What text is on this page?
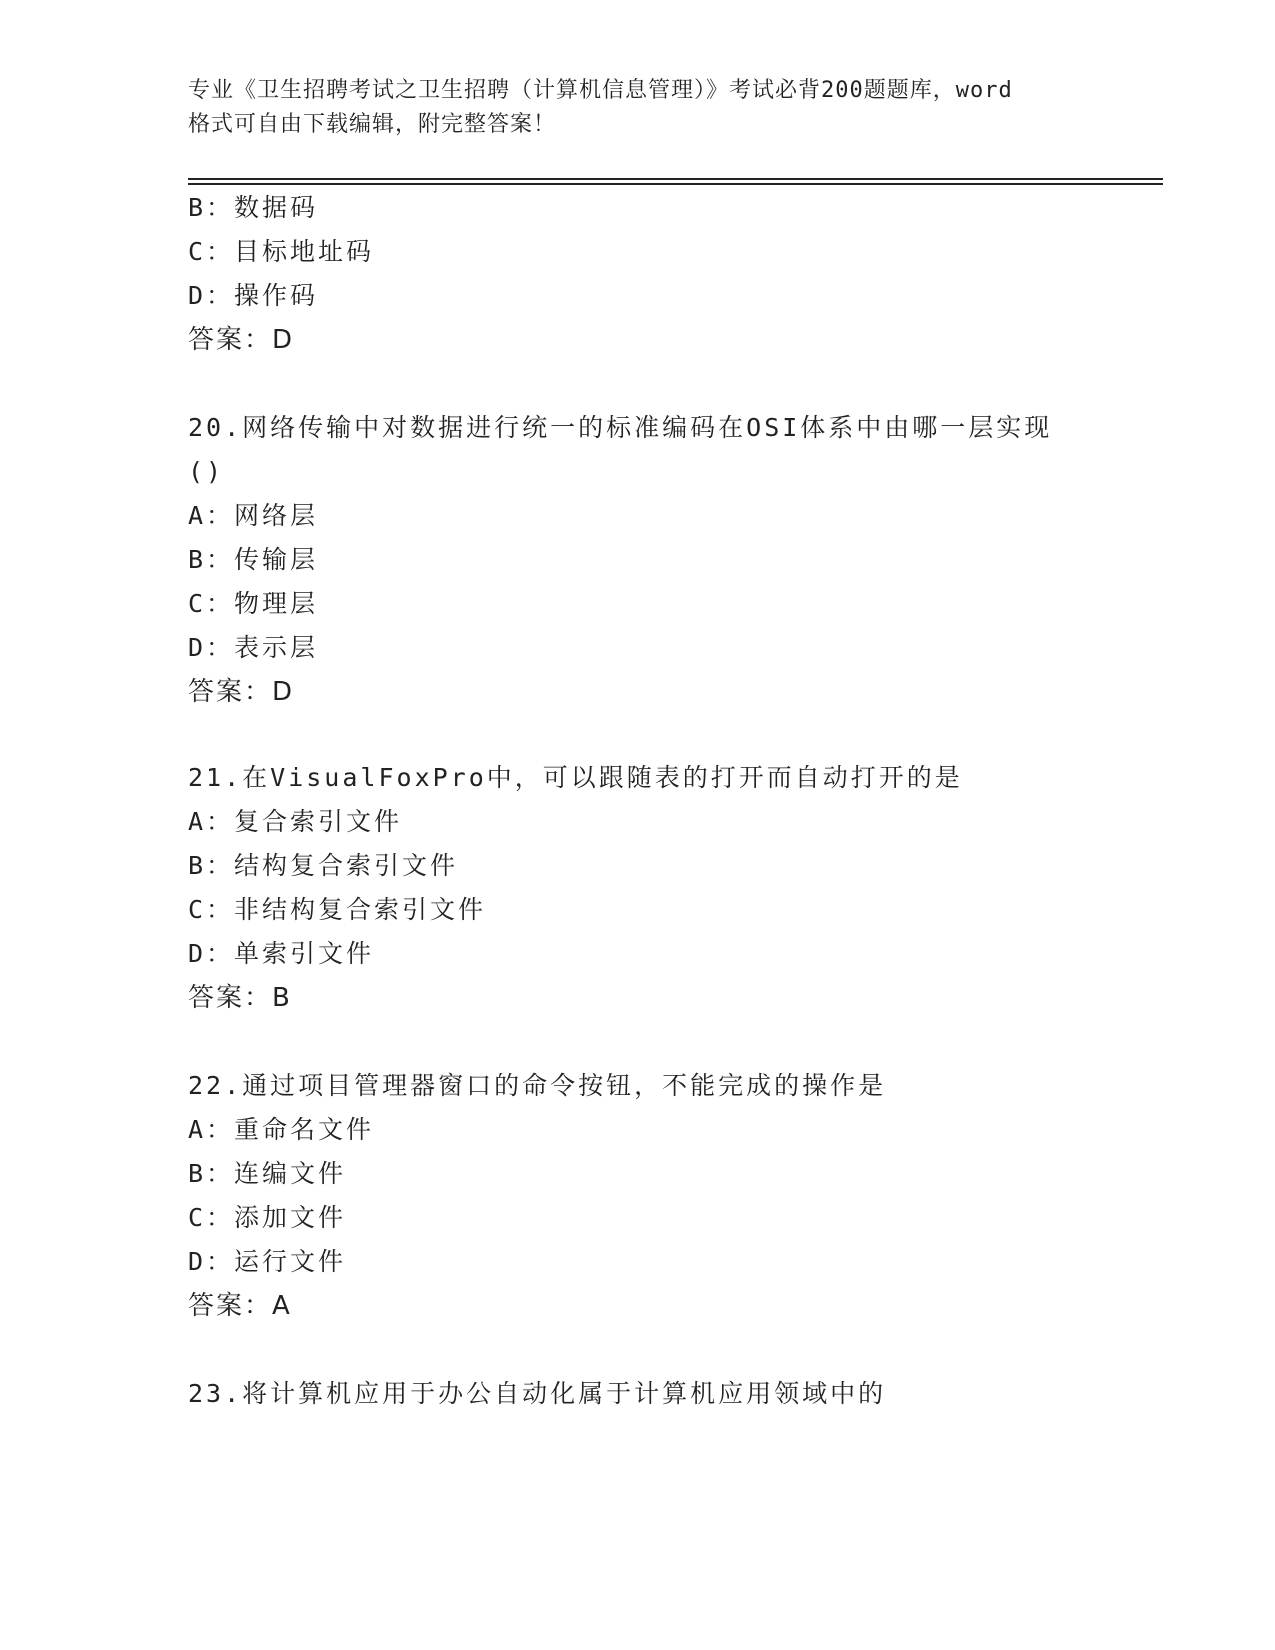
专业《卫生招聘考试之卫生招聘（计算机信息管理）》考试必背200题题库，word
格式可自由下载编辑，附完整答案！
B：数据码
C：目标地址码
D：操作码
答案：D
20.网络传输中对数据进行统一的标准编码在OSI体系中由哪一层实现
()
A：网络层
B：传输层
C：物理层
D：表示层
答案：D
21.在VisualFoxPro中，可以跟随表的打开而自动打开的是
A：复合索引文件
B：结构复合索引文件
C：非结构复合索引文件
D：单索引文件
答案：B
22.通过项目管理器窗口的命令按钮，不能完成的操作是
A：重命名文件
B：连编文件
C：添加文件
D：运行文件
答案：A
23.将计算机应用于办公自动化属于计算机应用领域中的
